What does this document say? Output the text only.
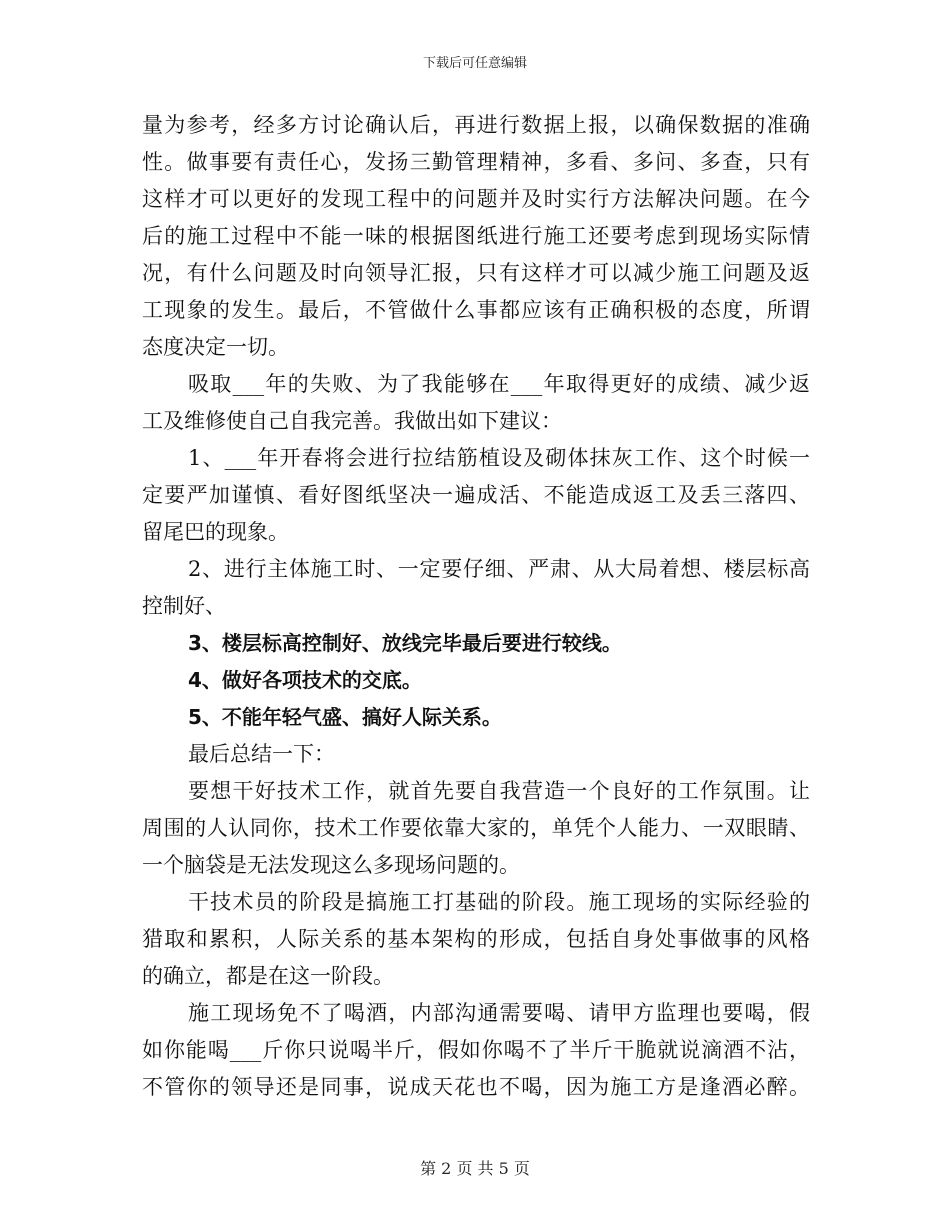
下载后可任意编辑
量为参考，经多方讨论确认后，再进行数据上报，以确保数据的准确
性。做事要有责任心，发扬三勤管理精神，多看、多问、多查，只有
这样才可以更好的发现工程中的问题并及时实行方法解决问题。在今
后的施工过程中不能一味的根据图纸进行施工还要考虑到现场实际情
况，有什么问题及时向领导汇报，只有这样才可以减少施工问题及返
工现象的发生。最后，不管做什么事都应该有正确积极的态度，所谓
态度决定一切。
吸取___年的失败、为了我能够在___年取得更好的成绩、减少返
工及维修使自己自我完善。我做出如下建议：
1、___年开春将会进行拉结筋植设及砌体抹灰工作、这个时候一
定要严加谨慎、看好图纸坚决一遍成活、不能造成返工及丢三落四、
留尾巴的现象。
2、进行主体施工时、一定要仔细、严肃、从大局着想、楼层标高
控制好、
3、楼层标高控制好、放线完毕最后要进行较线。
4、做好各项技术的交底。
5、不能年轻气盛、搞好人际关系。
最后总结一下：
要想干好技术工作，就首先要自我营造一个良好的工作氛围。让
周围的人认同你，技术工作要依靠大家的，单凭个人能力、一双眼睛、
一个脑袋是无法发现这么多现场问题的。
干技术员的阶段是搞施工打基础的阶段。施工现场的实际经验的
猎取和累积，人际关系的基本架构的形成，包括自身处事做事的风格
的确立，都是在这一阶段。
施工现场免不了喝酒，内部沟通需要喝、请甲方监理也要喝，假
如你能喝___斤你只说喝半斤，假如你喝不了半斤干脆就说滴酒不沾，
不管你的领导还是同事，说成天花也不喝，因为施工方是逢酒必醉。
第 2 页 共 5 页
